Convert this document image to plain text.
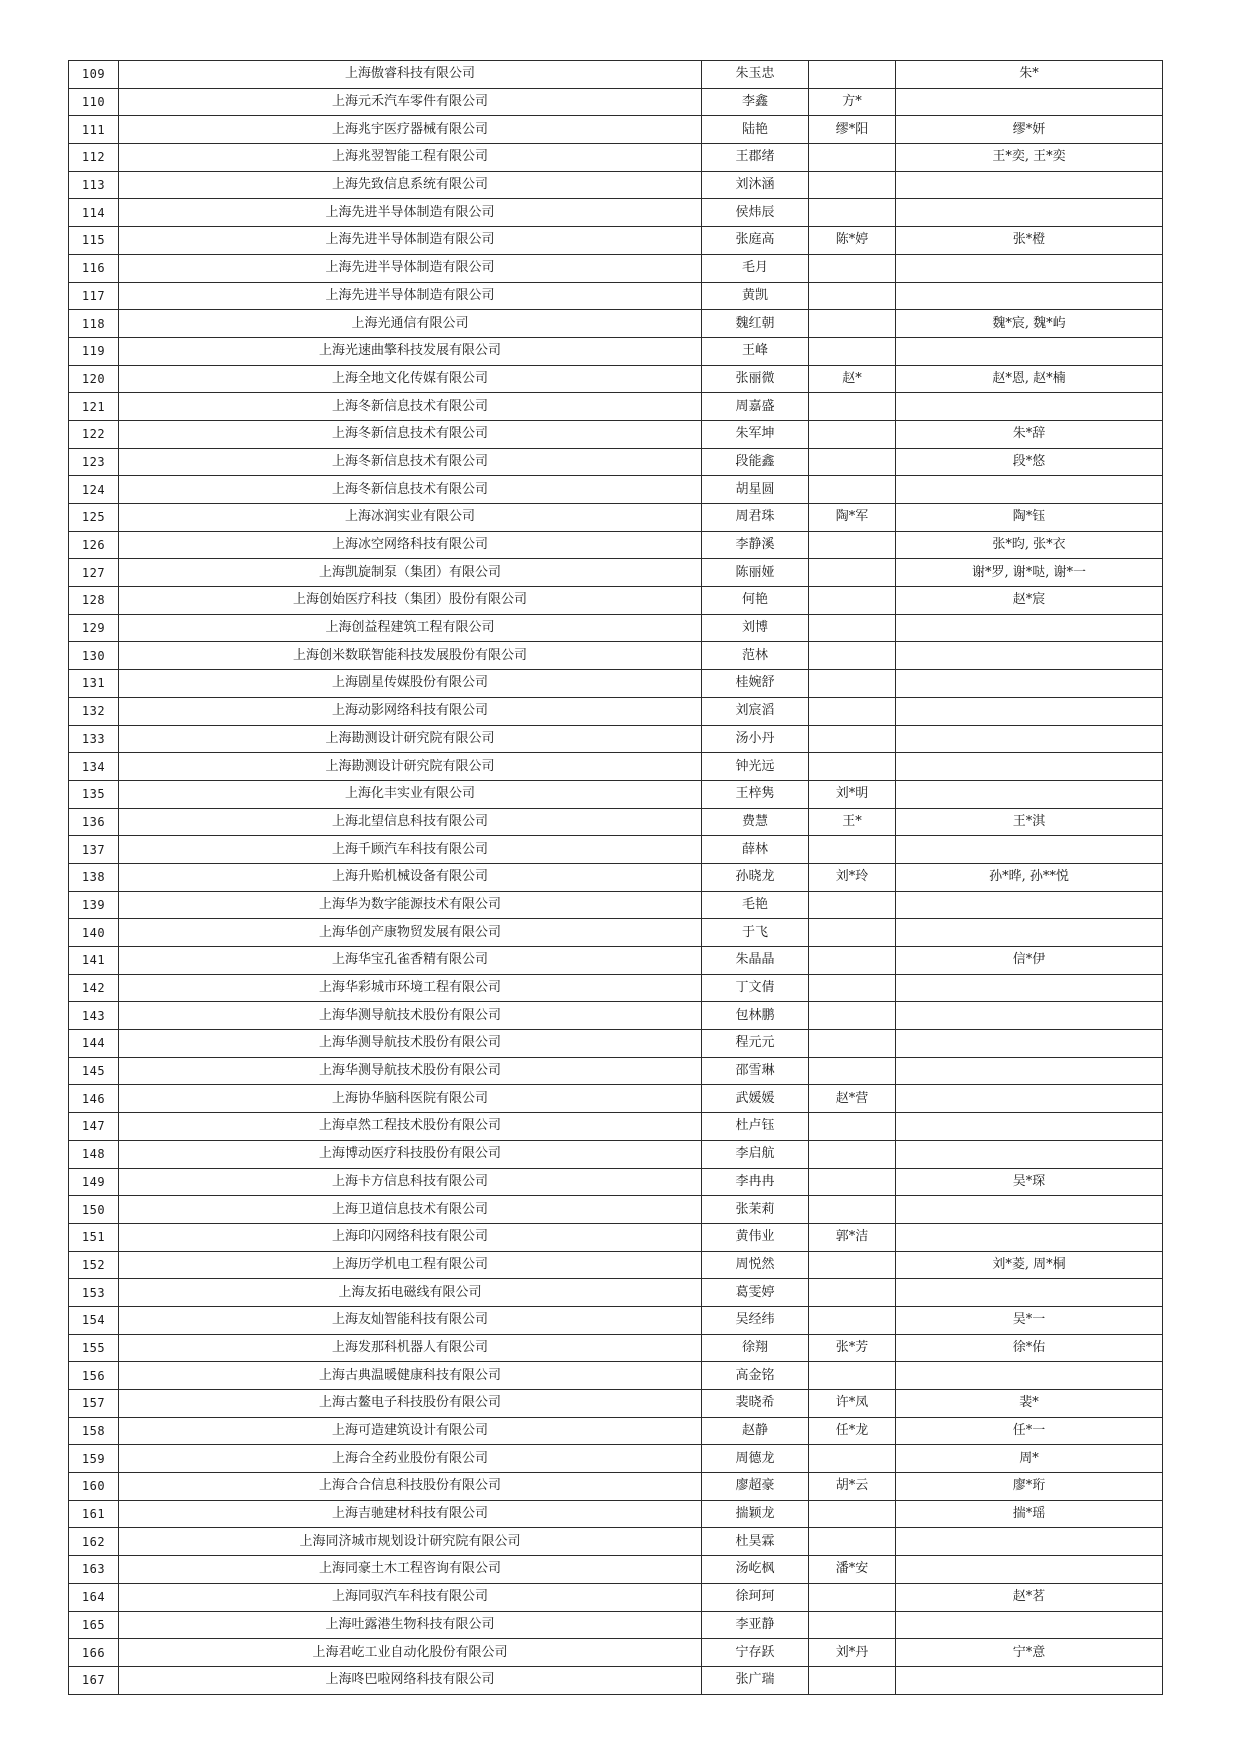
109	上海傲睿科技有限公司	朱玉忠		朱*
110	上海元禾汽车零件有限公司	李鑫	方*	
111	上海兆宇医疗器械有限公司	陆艳	缪*阳	缪*妍
112	上海兆翌智能工程有限公司	王郡绪		王*奕, 王*奕
113	上海先致信息系统有限公司	刘沐涵		
114	上海先进半导体制造有限公司	侯炜辰		
115	上海先进半导体制造有限公司	张庭高	陈*婷	张*橙
116	上海先进半导体制造有限公司	毛月		
117	上海先进半导体制造有限公司	黄凯		
118	上海光通信有限公司	魏红朝		魏*宸, 魏*屿
119	上海光速曲擎科技发展有限公司	王峰		
120	上海全地文化传媒有限公司	张丽微	赵*	赵*恩, 赵*楠
121	上海冬新信息技术有限公司	周嘉盛		
122	上海冬新信息技术有限公司	朱军坤		朱*辞
123	上海冬新信息技术有限公司	段能鑫		段*悠
124	上海冬新信息技术有限公司	胡星圆		
125	上海冰润实业有限公司	周君珠	陶*军	陶*钰
126	上海冰空网络科技有限公司	李静溪		张*昀, 张*衣
127	上海凯旋制泵（集团）有限公司	陈丽娅		谢*罗, 谢*哒, 谢*一
128	上海创始医疗科技（集团）股份有限公司	何艳		赵*宸
129	上海创益程建筑工程有限公司	刘博		
130	上海创米数联智能科技发展股份有限公司	范林		
131	上海剧星传媒股份有限公司	桂婉舒		
132	上海动影网络科技有限公司	刘宸滔		
133	上海勘测设计研究院有限公司	汤小丹		
134	上海勘测设计研究院有限公司	钟光远		
135	上海化丰实业有限公司	王梓隽	刘*明	
136	上海北望信息科技有限公司	费慧	王*	王*淇
137	上海千顾汽车科技有限公司	薛林		
138	上海升贻机械设备有限公司	孙晓龙	刘*玲	孙*晔, 孙**悦
139	上海华为数字能源技术有限公司	毛艳		
140	上海华创产康物贸发展有限公司	于飞		
141	上海华宝孔雀香精有限公司	朱晶晶		信*伊
142	上海华彩城市环境工程有限公司	丁文倩		
143	上海华测导航技术股份有限公司	包林鹏		
144	上海华测导航技术股份有限公司	程元元		
145	上海华测导航技术股份有限公司	邵雪琳		
146	上海协华脑科医院有限公司	武媛媛	赵*营	
147	上海卓然工程技术股份有限公司	杜卢钰		
148	上海博动医疗科技股份有限公司	李启航		
149	上海卡方信息科技有限公司	李冉冉		吴*琛
150	上海卫道信息技术有限公司	张茉莉		
151	上海印闪网络科技有限公司	黄伟业	郭*洁	
152	上海历学机电工程有限公司	周悦然		刘*菱, 周*桐
153	上海友拓电磁线有限公司	葛雯婷		
154	上海友灿智能科技有限公司	吴经纬		吴*一
155	上海发那科机器人有限公司	徐翔	张*芳	徐*佑
156	上海古典温暖健康科技有限公司	高金铭		
157	上海古鳌电子科技股份有限公司	裴晓希	许*凤	裴*
158	上海可造建筑设计有限公司	赵静	任*龙	任*一
159	上海合全药业股份有限公司	周德龙		周*
160	上海合合信息科技股份有限公司	廖超豪	胡*云	廖*珩
161	上海吉驰建材科技有限公司	揣颖龙		揣*瑶
162	上海同济城市规划设计研究院有限公司	杜昊霖		
163	上海同豪土木工程咨询有限公司	汤屹枫	潘*安	
164	上海同驭汽车科技有限公司	徐珂珂		赵*茗
165	上海吐露港生物科技有限公司	李亚静		
166	上海君屹工业自动化股份有限公司	宁存跃	刘*丹	宁*意
167	上海咚巴啦网络科技有限公司	张广瑞		
